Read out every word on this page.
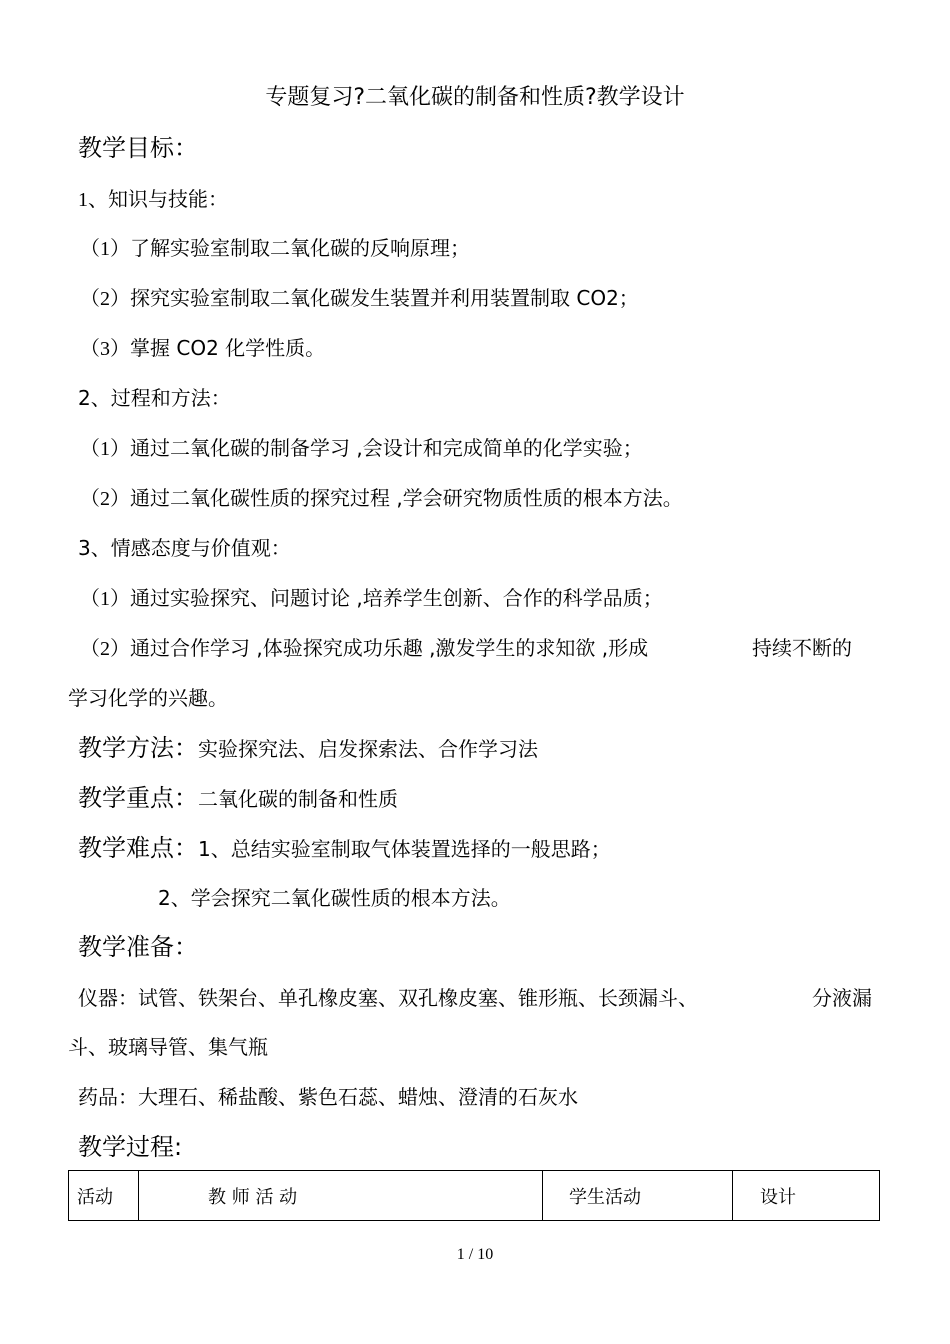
专题复习?二氧化碳的制备和性质?教学设计
教学目标：
1、知识与技能：
（1）了解实验室制取二氧化碳的反响原理；
（2）探究实验室制取二氧化碳发生装置并利用装置制取 CO2；
（3）掌握 CO2 化学性质。
2、过程和方法：
（1）通过二氧化碳的制备学习 ,会设计和完成简单的化学实验；
（2）通过二氧化碳性质的探究过程 ,学会研究物质性质的根本方法。
3、情感态度与价值观：
（1）通过实验探究、问题讨论 ,培养学生创新、合作的科学品质；
（2）通过合作学习 ,体验探究成功乐趣 ,激发学生的求知欲 ,形成	持续不断的
学习化学的兴趣。
教学方法：实验探究法、启发探索法、合作学习法
教学重点：二氧化碳的制备和性质
教学难点：1、总结实验室制取气体装置选择的一般思路；
2、学会探究二氧化碳性质的根本方法。
教学准备：
仪器：试管、铁架台、单孔橡皮塞、双孔橡皮塞、锥形瓶、长颈漏斗、	分液漏
斗、玻璃导管、集气瓶
药品：大理石、稀盐酸、紫色石蕊、蜡烛、澄清的石灰水
教学过程:
活动	教 师 活 动	学生活动	设计
1 / 10
